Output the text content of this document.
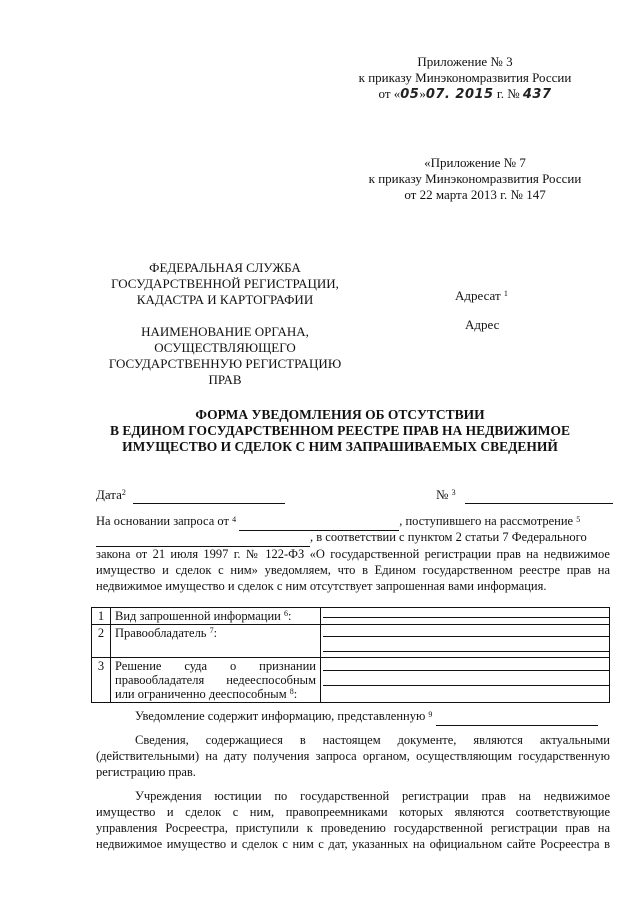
Приложение № 3
к приказу Минэкономразвития России
от «05»07. 2015 г. № 437
«Приложение № 7
к приказу Минэкономразвития России
от 22 марта 2013 г. № 147
ФЕДЕРАЛЬНАЯ СЛУЖБА
ГОСУДАРСТВЕННОЙ РЕГИСТРАЦИИ,
КАДАСТРА И КАРТОГРАФИИ
НАИМЕНОВАНИЕ ОРГАНА,
ОСУЩЕСТВЛЯЮЩЕГО
ГОСУДАРСТВЕННУЮ РЕГИСТРАЦИЮ
ПРАВ
Адресат $^1$
Адрес
ФОРМА УВЕДОМЛЕНИЯ ОБ ОТСУТСТВИИ
В ЕДИНОМ ГОСУДАРСТВЕННОМ РЕЕСТРЕ ПРАВ НА НЕДВИЖИМОЕ
ИМУЩЕСТВО И СДЕЛОК С НИМ ЗАПРАШИВАЕМЫХ СВЕДЕНИЙ
Дата$^2$	№ $^3$
На основании запроса от $^4$	, поступившего на рассмотрение $^5$
, в соответствии с пунктом 2 статьи 7 Федерального
закона от 21 июля 1997 г. № 122-ФЗ «О государственной регистрации прав на недвижимое
имущество и сделок с ним» уведомляем, что в Едином государственном реестре прав на
недвижимое имущество и сделок с ним отсутствует запрошенная вами информация.
1	Вид запрошенной информации $^6$:	

2	Правообладатель $^7$:	

3	Решение суда о признании
правообладателя недееспособным
или ограниченно дееспособным $^8$:	

Уведомление содержит информацию, представленную $^9$
Сведения, содержащиеся в настоящем документе, являются актуальными
(действительными) на дату получения запроса органом, осуществляющим государственную
регистрацию прав.
Учреждения юстиции по государственной регистрации прав на недвижимое
имущество и сделок с ним, правопреемниками которых являются соответствующие
управления Росреестра, приступили к проведению государственной регистрации прав на
недвижимое имущество и сделок с ним с дат, указанных на официальном сайте Росреестра в
